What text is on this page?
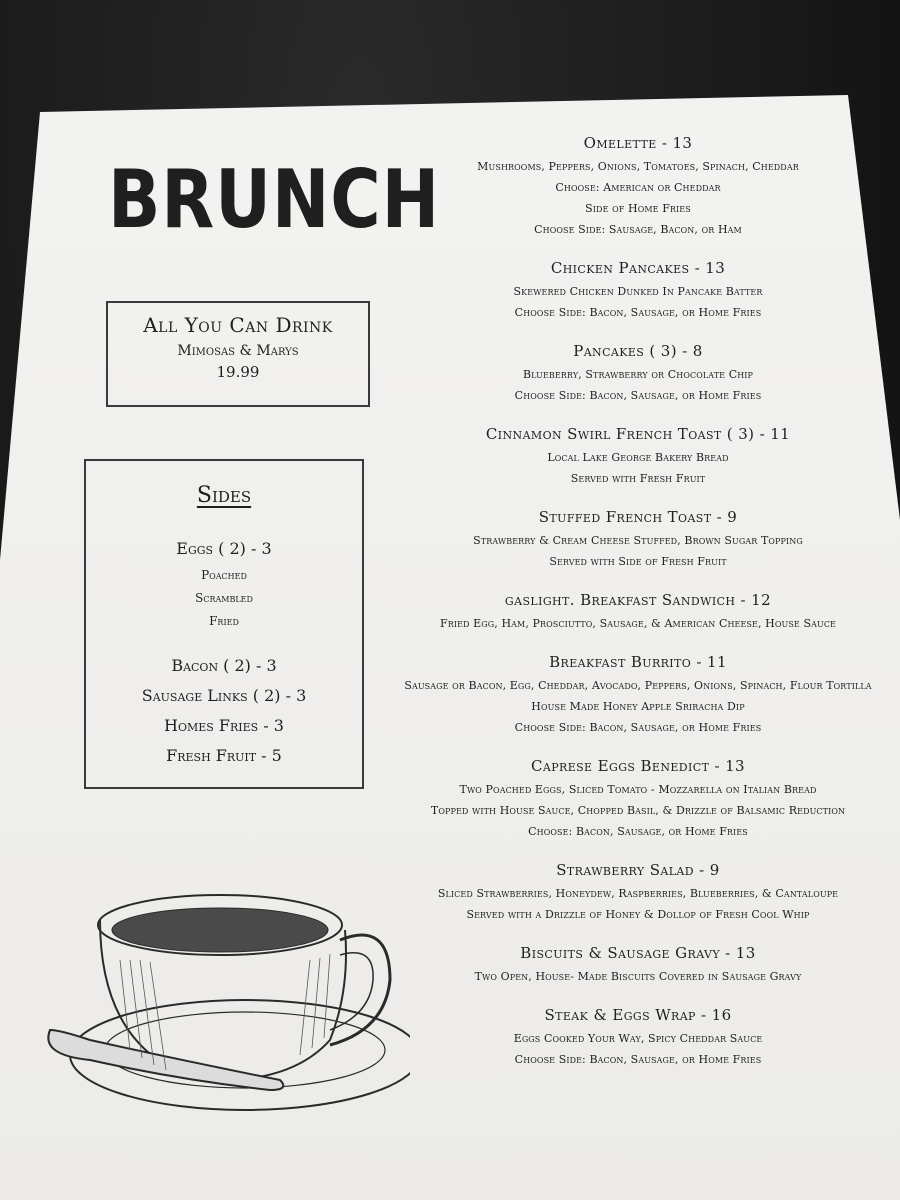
BRUNCH
All You Can Drink
Mimosas & Marys
19.99
Sides
Eggs ( 2) - 3
Poached
Scrambled
Fried
Bacon ( 2) - 3
Sausage Links ( 2) - 3
Homes Fries - 3
Fresh Fruit - 5
Omelette - 13
Mushrooms, Peppers, Onions, Tomatoes, Spinach, Cheddar
Choose: American or Cheddar
Side of Home Fries
Choose Side: Sausage, Bacon, or Ham
Chicken Pancakes - 13
Skewered Chicken Dunked In Pancake Batter
Choose Side: Bacon, Sausage, or Home Fries
Pancakes ( 3) - 8
Blueberry, Strawberry or Chocolate Chip
Choose Side: Bacon, Sausage, or Home Fries
Cinnamon Swirl French Toast ( 3) - 11
Local Lake George Bakery Bread
Served with Fresh Fruit
Stuffed French Toast - 9
Strawberry & Cream Cheese Stuffed, Brown Sugar Topping
Served with Side of Fresh Fruit
gaslight. Breakfast Sandwich - 12
Fried Egg, Ham, Prosciutto, Sausage, & American Cheese, House Sauce
Breakfast Burrito - 11
Sausage or Bacon, Egg, Cheddar, Avocado, Peppers, Onions, Spinach, Flour Tortilla
House Made Honey Apple Sriracha Dip
Choose Side: Bacon, Sausage, or Home Fries
Caprese Eggs Benedict - 13
Two Poached Eggs, Sliced Tomato - Mozzarella on Italian Bread
Topped with House Sauce, Chopped Basil, & Drizzle of Balsamic Reduction
Choose: Bacon, Sausage, or Home Fries
Strawberry Salad - 9
Sliced Strawberries, Honeydew, Raspberries, Blueberries, & Cantaloupe
Served with a Drizzle of Honey & Dollop of Fresh Cool Whip
Biscuits & Sausage Gravy - 13
Two Open, House- Made Biscuits Covered in Sausage Gravy
Steak & Eggs Wrap - 16
Eggs Cooked Your Way, Spicy Cheddar Sauce
Choose Side: Bacon, Sausage, or Home Fries
